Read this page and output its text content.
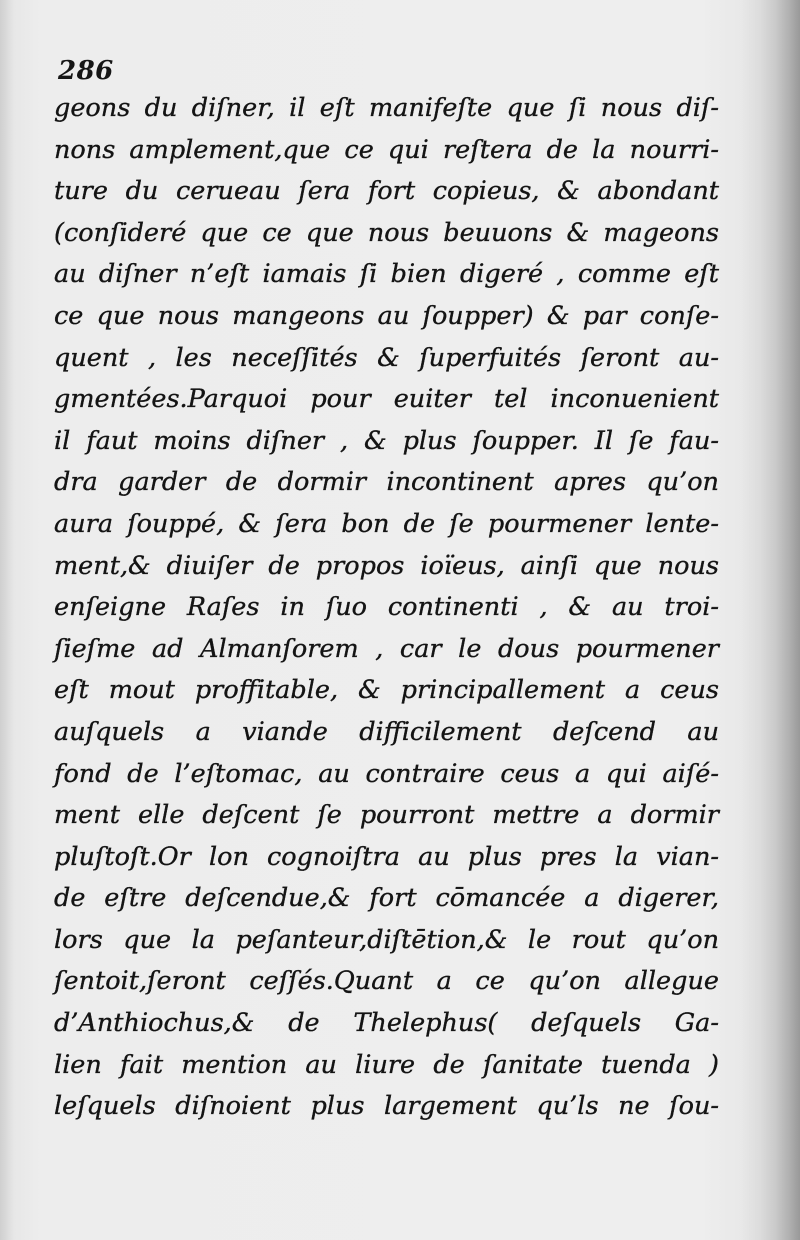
286
geons du diſner, il eſt manifeſte que ſi nous diſ-
nons amplement,que ce qui reſtera de la nourri-
ture du cerueau ſera fort copieus, & abondant
(conſideré que ce que nous beuuons & mageons
au diſner n’eſt iamais ſi bien digeré , comme eſt
ce que nous mangeons au ſoupper) & par conſe-
quent , les neceſſités & ſuperfuités ſeront au-
gmentées.Parquoi pour euiter tel inconuenient
il faut moins diſner , & plus ſoupper. Il ſe fau-
dra garder de dormir incontinent apres qu’on
aura ſouppé, & ſera bon de ſe pourmener lente-
ment,& diuiſer de propos ioïeus, ainſi que nous
enſeigne Raſes in ſuo continenti , & au troi-
ſieſme ad Almanſorem , car le dous pourmener
eſt mout proffitable, & principallement a ceus
auſquels a viande difficilement deſcend au
fond de l’eſtomac, au contraire ceus a qui aiſé-
ment elle deſcent ſe pourront mettre a dormir
pluſtoſt.Or lon cognoiſtra au plus pres la vian-
de eſtre deſcendue,& fort cōmancée a digerer,
lors que la peſanteur,diſtētion,& le rout qu’on
ſentoit,ſeront ceſſés.Quant a ce qu’on allegue
d’Anthiochus,& de Thelephus( deſquels Ga-
lien fait mention au liure de ſanitate tuenda )
leſquels diſnoient plus largement qu’ls ne ſou-
